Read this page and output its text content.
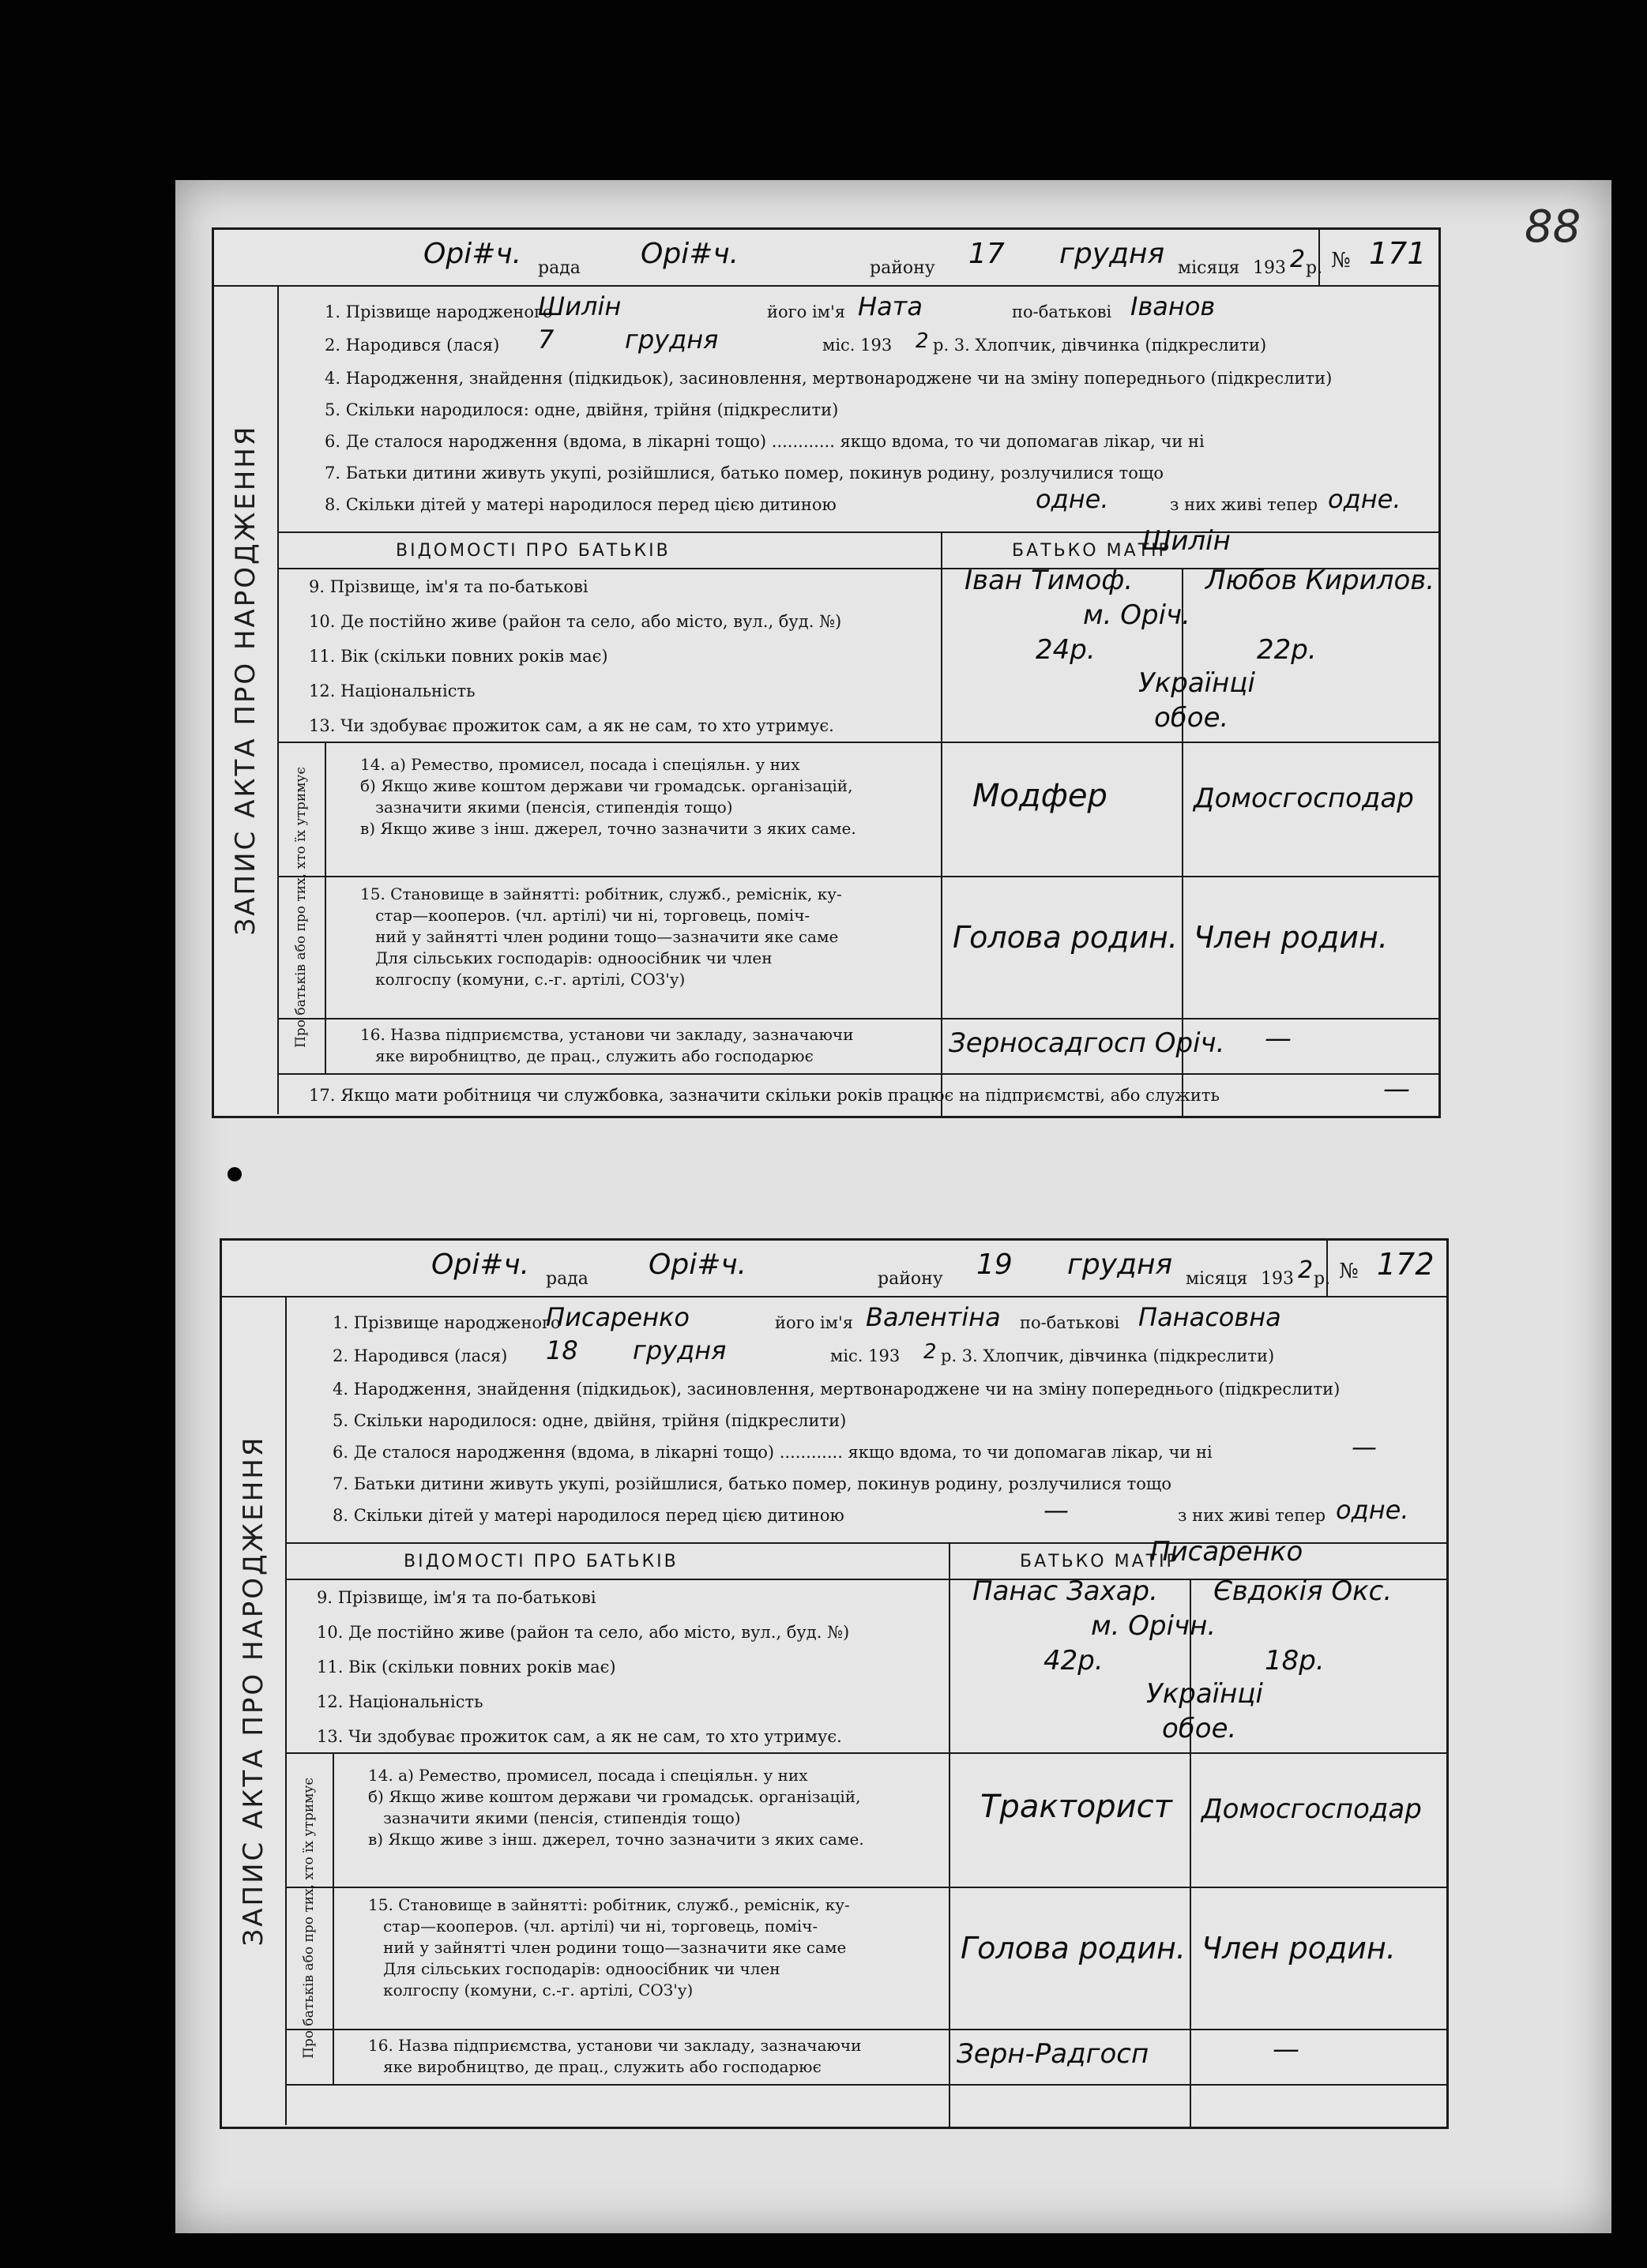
88
Орі#ч. рада Орі#ч.	району 17 грудня місяця 193 2 р. № 171
ЗАПИС АКТА ПРО НАРОДЖЕННЯ
1. Прізвище народженого
Шилін	його ім'я Ната	по-батькові Іванов
2. Народився (лася) 7	грудня	міс. 193 2 р. 3. Хлопчик, дівчинка (підкреслити)
4. Народження, знайдення (підкидьок), засиновлення, мертвонароджене чи на зміну попереднього (підкреслити)
5. Скільки народилося: одне, двійня, трійня (підкреслити)
6. Де сталося народження (вдома, в лікарні тощо) ............ якщо вдома, то чи допомагав лікар, чи ні
7. Батьки дитини живуть укупі, розійшлися, батько помер, покинув родину, розлучилися тощо
8. Скільки дітей у матері народилося перед цією дитиною	одне.	з них живі тепер одне.
ВІДОМОСТІ ПРО БАТЬКІВ	БАТЬКО МАТІР
Шилін
9. Прізвище, ім'я та по-батькові	Іван Тимоф.	Любов Кирилов.
10. Де постійно живе (район та село, або місто, вул., буд. №)	м. Оріч.
11. Вік (скільки повних років має)	24р.	22р.
12. Національність	Українці
13. Чи здобуває прожиток сам, а як не сам, то хто утримує.	обое.
Про батьків або про тих, хто їх утримує
14. а) Ремество, промисел, посада і спеціяльн. у них
б) Якщо живе коштом держави чи громадськ. організацій,
зазначити якими (пенсія, стипендія тощо)
в) Якщо живе з інш. джерел, точно зазначити з яких саме.
Модфер	Домосгосподар
15. Становище в зайнятті: робітник, служб., реміснік, ку-
стар—кооперов. (чл. артілі) чи ні, торговець, поміч-
ний у зайнятті член родини тощо—зазначити яке саме
Для сільських господарів: одноосібник чи член
колгоспу (комуни, с.-г. артілі, СОЗ'у)
Голова родин. Член родин.
16. Назва підприємства, установи чи закладу, зазначаючи
яке виробництво, де прац., служить або господарює	Зерносадгосп Оріч. —
17. Якщо мати робітниця чи службовка, зазначити скільки років працює на підприємстві, або служить	—
Орі#ч. рада Орі#ч.	району 19 грудня місяця 193 2 р. № 172
ЗАПИС АКТА ПРО НАРОДЖЕННЯ
1. Прізвище народженого
Писаренко	його ім'я Валентіна по-батькові Панасовна
2. Народився (лася) 18 грудня	міс. 193 2 р. 3. Хлопчик, дівчинка (підкреслити)
4. Народження, знайдення (підкидьок), засиновлення, мертвонароджене чи на зміну попереднього (підкреслити)
5. Скільки народилося: одне, двійня, трійня (підкреслити)
6. Де сталося народження (вдома, в лікарні тощо) ............ якщо вдома, то чи допомагав лікар, чи ні	—
7. Батьки дитини живуть укупі, розійшлися, батько помер, покинув родину, розлучилися тощо
8. Скільки дітей у матері народилося перед цією дитиною	—	з них живі тепер одне.
ВІДОМОСТІ ПРО БАТЬКІВ	БАТЬКО МАТІР
Писаренко
9. Прізвище, ім'я та по-батькові	Панас Захар. Євдокія Окс.
10. Де постійно живе (район та село, або місто, вул., буд. №)	м. Орічн.
11. Вік (скільки повних років має)	42р.	18р.
12. Національність	Українці
13. Чи здобуває прожиток сам, а як не сам, то хто утримує.	обое.
Про батьків або про тих, хто їх утримує
14. а) Ремество, промисел, посада і спеціяльн. у них
б) Якщо живе коштом держави чи громадськ. організацій,
зазначити якими (пенсія, стипендія тощо)
в) Якщо живе з інш. джерел, точно зазначити з яких саме.
Тракторист Домосгосподар
15. Становище в зайнятті: робітник, служб., реміснік, ку-
стар—кооперов. (чл. артілі) чи ні, торговець, поміч-
ний у зайнятті член родини тощо—зазначити яке саме
Для сільських господарів: одноосібник чи член
колгоспу (комуни, с.-г. артілі, СОЗ'у)
Голова родин. Член родин.
16. Назва підприємства, установи чи закладу, зазначаючи
яке виробництво, де прац., служить або господарює	Зерн-Радгосп	—
